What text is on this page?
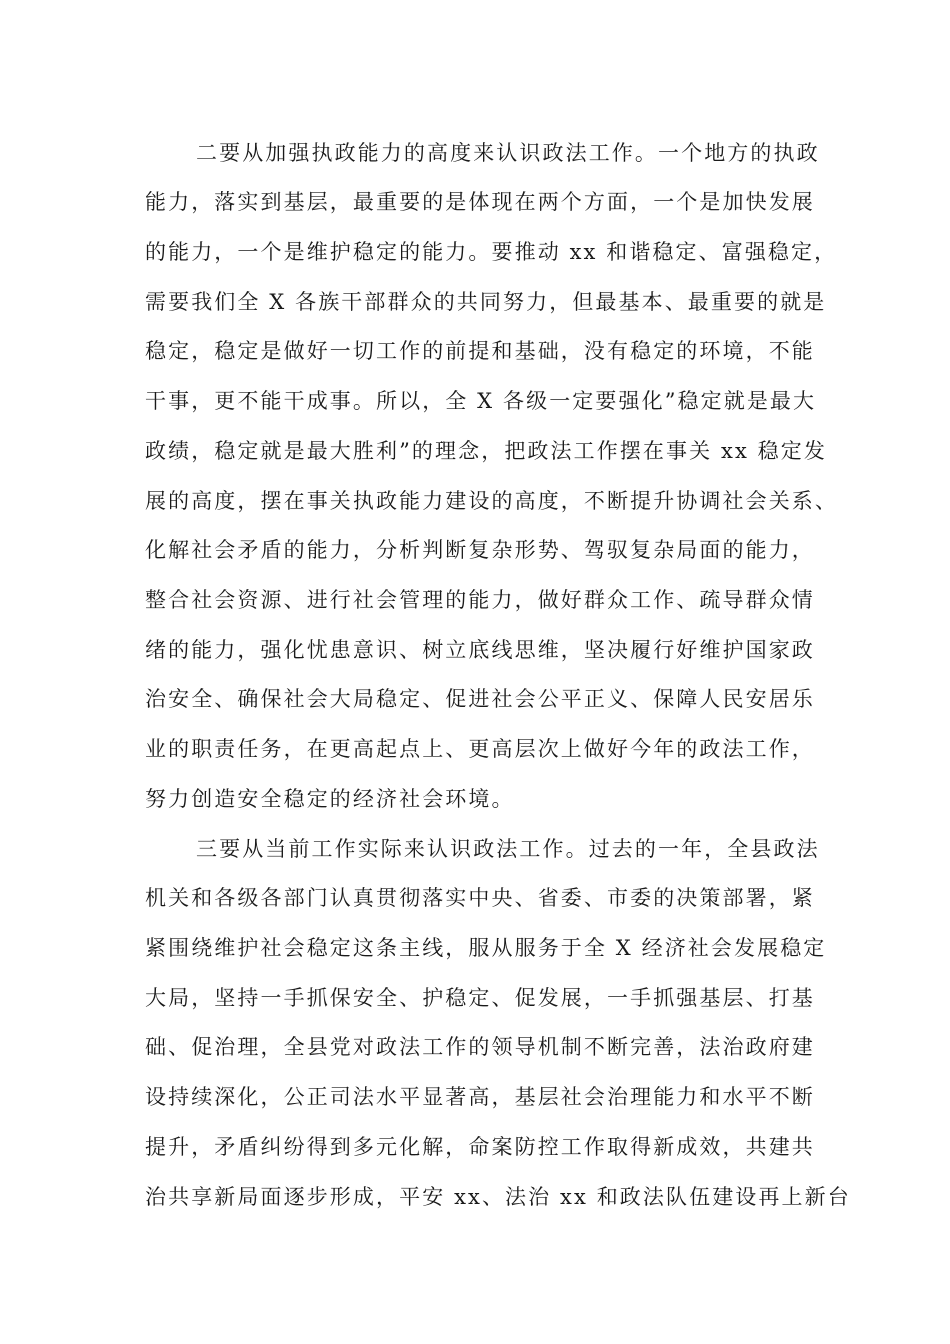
二要从加强执政能力的高度来认识政法工作。一个地方的执政
能力，落实到基层，最重要的是体现在两个方面，一个是加快发展
的能力，一个是维护稳定的能力。要推动 xx 和谐稳定、富强稳定，
需要我们全 X 各族干部群众的共同努力，但最基本、最重要的就是
稳定，稳定是做好一切工作的前提和基础，没有稳定的环境，不能
干事，更不能干成事。所以，全 X 各级一定要强化”稳定就是最大
政绩，稳定就是最大胜利”的理念，把政法工作摆在事关 xx 稳定发
展的高度，摆在事关执政能力建设的高度，不断提升协调社会关系、
化解社会矛盾的能力，分析判断复杂形势、驾驭复杂局面的能力，
整合社会资源、进行社会管理的能力，做好群众工作、疏导群众情
绪的能力，强化忧患意识、树立底线思维，坚决履行好维护国家政
治安全、确保社会大局稳定、促进社会公平正义、保障人民安居乐
业的职责任务，在更高起点上、更高层次上做好今年的政法工作，
努力创造安全稳定的经济社会环境。
三要从当前工作实际来认识政法工作。过去的一年，全县政法
机关和各级各部门认真贯彻落实中央、省委、市委的决策部署，紧
紧围绕维护社会稳定这条主线，服从服务于全 X 经济社会发展稳定
大局，坚持一手抓保安全、护稳定、促发展，一手抓强基层、打基
础、促治理，全县党对政法工作的领导机制不断完善，法治政府建
设持续深化，公正司法水平显著高，基层社会治理能力和水平不断
提升，矛盾纠纷得到多元化解，命案防控工作取得新成效，共建共
治共享新局面逐步形成，平安 xx、法治 xx 和政法队伍建设再上新台
